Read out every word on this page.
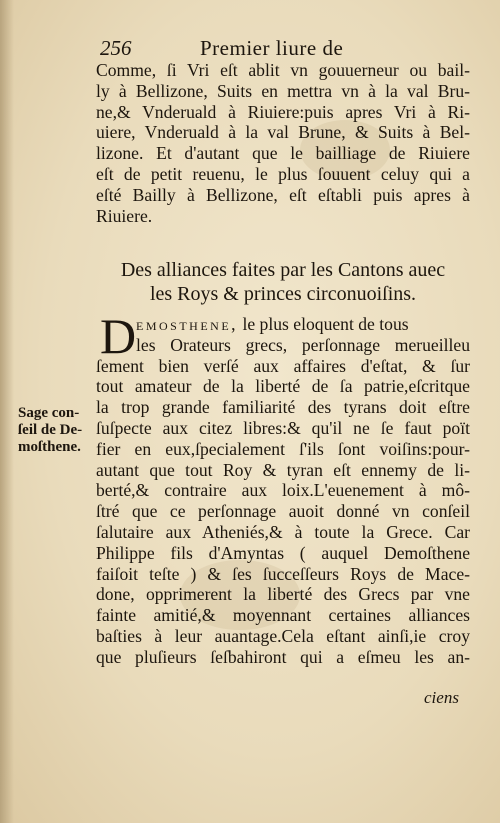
256	Premier liure de
Comme, ſi Vri eſt ablit vn gouuerneur ou bail-
ly à Bellizone, Suits en mettra vn à la val Bru-
ne,& Vnderuald à Riuiere:puis apres Vri à Ri-
uiere, Vnderuald à la val Brune, & Suits à Bel-
lizone. Et d'autant que le bailliage de Riuiere
eſt de petit reuenu, le plus ſouuent celuy qui a
eſté Bailly à Bellizone, eſt eſtabli puis apres à
Riuiere.
Des alliances faites par les Cantons auec
les Roys & princes circonuoiſins.
D emosthene, le plus eloquent de tous
les Orateurs grecs, perſonnage merueilleu
ſement bien verſé aux affaires d'eſtat, & ſur
tout amateur de la liberté de ſa patrie,eſcritque
la trop grande familiarité des tyrans doit eſtre
ſuſpecte aux citez libres:& qu'il ne ſe faut poït
fier en eux,ſpecialement ſ'ils ſont voiſins:pour-
autant que tout Roy & tyran eſt ennemy de li-
berté,& contraire aux loix.L'euenement à mô-
ſtré que ce perſonnage auoit donné vn conſeil
ſalutaire aux Atheniés,& à toute la Grece. Car
Philippe fils d'Amyntas ( auquel Demoſthene
faiſoit teſte ) & ſes ſucceſſeurs Roys de Mace-
done, opprimerent la liberté des Grecs par vne
fainte amitié,& moyennant certaines alliances
baſties à leur auantage.Cela eſtant ainſi,ie croy
que pluſieurs ſeſbahiront qui a eſmeu les an-
Sage con-
ſeil de De-
moſthene.
ciens
